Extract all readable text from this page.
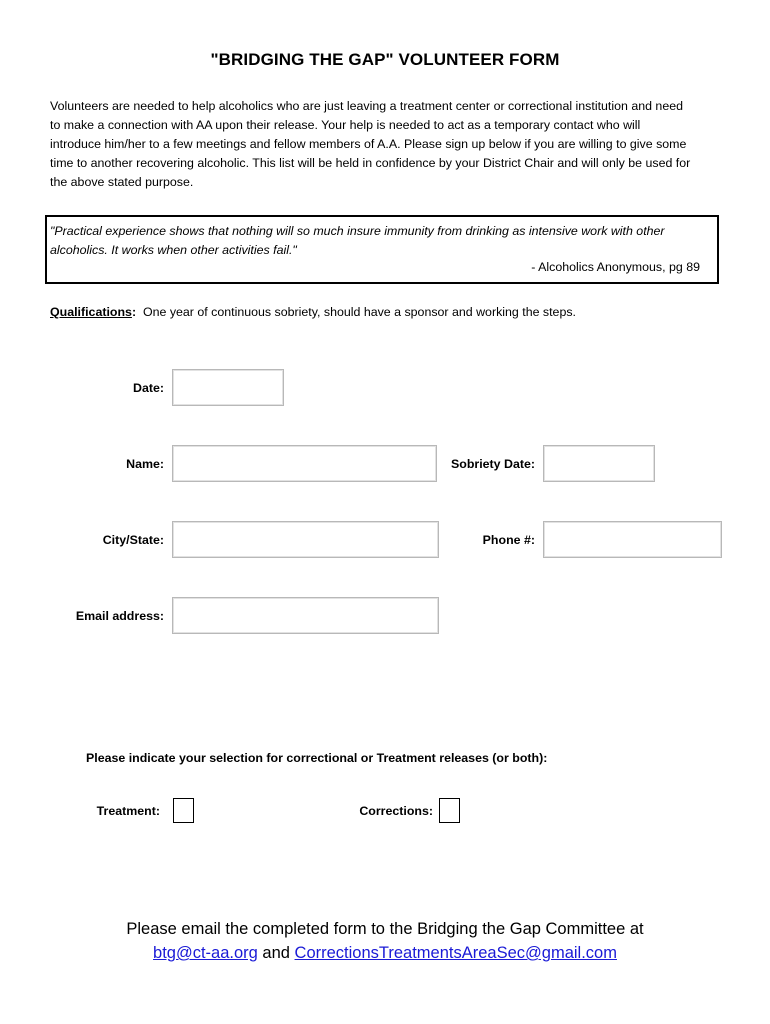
"BRIDGING THE GAP" VOLUNTEER FORM
Volunteers are needed to help alcoholics who are just leaving a treatment center or correctional institution and need
to make a connection with AA upon their release. Your help is needed to act as a temporary contact who will
introduce him/her to a few meetings and fellow members of A.A. Please sign up below if you are willing to give some
time to another recovering alcoholic. This list will be held in confidence by your District Chair and will only be used for
the above stated purpose.
"Practical experience shows that nothing will so much insure immunity from drinking as intensive work with other
alcoholics. It works when other activities fail."
- Alcoholics Anonymous, pg 89
Qualifications:  One year of continuous sobriety, should have a sponsor and working the steps.
Date:
Name:	Sobriety Date:
City/State:	Phone #:
Email address:
Please indicate your selection for correctional or Treatment releases (or both):
Treatment:	Corrections:
Please email the completed form to the Bridging the Gap Committee at
btg@ct-aa.org and CorrectionsTreatmentsAreaSec@gmail.com
